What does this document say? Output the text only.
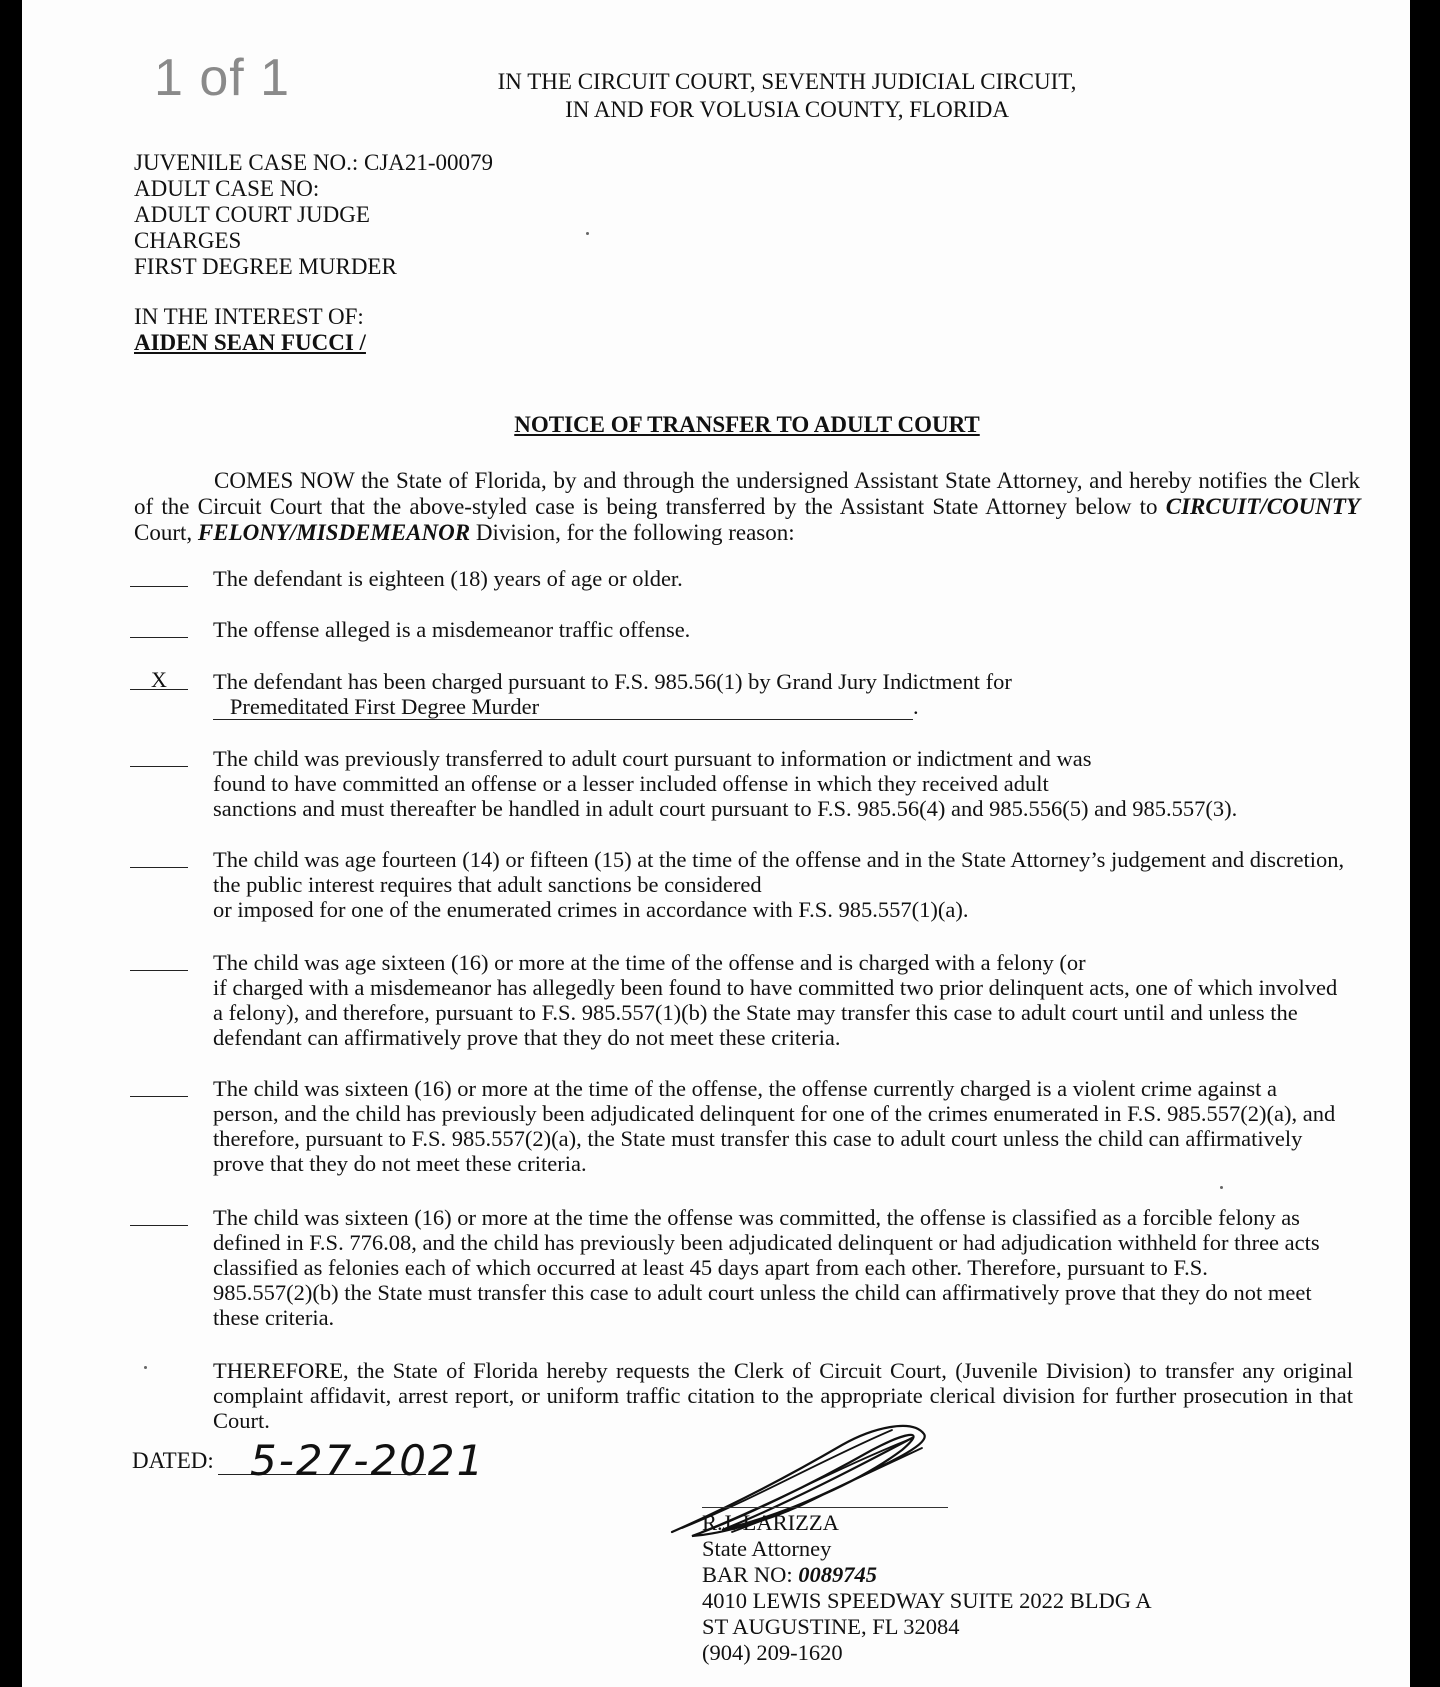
1 of 1	IN THE CIRCUIT COURT, SEVENTH JUDICIAL CIRCUIT,
IN AND FOR VOLUSIA COUNTY, FLORIDA
JUVENILE CASE NO.: CJA21-00079
ADULT CASE NO:
ADULT COURT JUDGE
CHARGES
FIRST DEGREE MURDER
IN THE INTEREST OF:
AIDEN SEAN FUCCI /
NOTICE OF TRANSFER TO ADULT COURT
COMES NOW the State of Florida, by and through the undersigned Assistant State Attorney, and hereby notifies the Clerk of the Circuit Court that the above-styled case is being transferred by the Assistant State Attorney below to CIRCUIT/COUNTY Court, FELONY/MISDEMEANOR Division, for the following reason:
The defendant is eighteen (18) years of age or older.
The offense alleged is a misdemeanor traffic offense.
X	The defendant has been charged pursuant to F.S. 985.56(1) by Grand Jury Indictment for
Premeditated First Degree Murder	.
The child was previously transferred to adult court pursuant to information or indictment and was
found to have committed an offense or a lesser included offense in which they received adult
sanctions and must thereafter be handled in adult court pursuant to F.S. 985.56(4) and 985.556(5) and 985.557(3).
The child was age fourteen (14) or fifteen (15) at the time of the offense and in the State Attorney’s judgement and discretion,
the public interest requires that adult sanctions be considered
or imposed for one of the enumerated crimes in accordance with F.S. 985.557(1)(a).
The child was age sixteen (16) or more at the time of the offense and is charged with a felony (or
if charged with a misdemeanor has allegedly been found to have committed two prior delinquent acts, one of which involved
a felony), and therefore, pursuant to F.S. 985.557(1)(b) the State may transfer this case to adult court until and unless the
defendant can affirmatively prove that they do not meet these criteria.
The child was sixteen (16) or more at the time of the offense, the offense currently charged is a violent crime against a
person, and the child has previously been adjudicated delinquent for one of the crimes enumerated in F.S. 985.557(2)(a), and
therefore, pursuant to F.S. 985.557(2)(a), the State must transfer this case to adult court unless the child can affirmatively
prove that they do not meet these criteria.
The child was sixteen (16) or more at the time the offense was committed, the offense is classified as a forcible felony as
defined in F.S. 776.08, and the child has previously been adjudicated delinquent or had adjudication withheld for three acts
classified as felonies each of which occurred at least 45 days apart from each other. Therefore, pursuant to F.S.
985.557(2)(b) the State must transfer this case to adult court unless the child can affirmatively prove that they do not meet
these criteria.
THEREFORE, the State of Florida hereby requests the Clerk of Circuit Court, (Juvenile Division) to transfer any original complaint affidavit, arrest report, or uniform traffic citation to the appropriate clerical division for further prosecution in that Court.
DATED: 5-27-2021
R.J. LARIZZA
State Attorney
BAR NO: 0089745
4010 LEWIS SPEEDWAY SUITE 2022 BLDG A
ST AUGUSTINE, FL 32084
(904) 209-1620
